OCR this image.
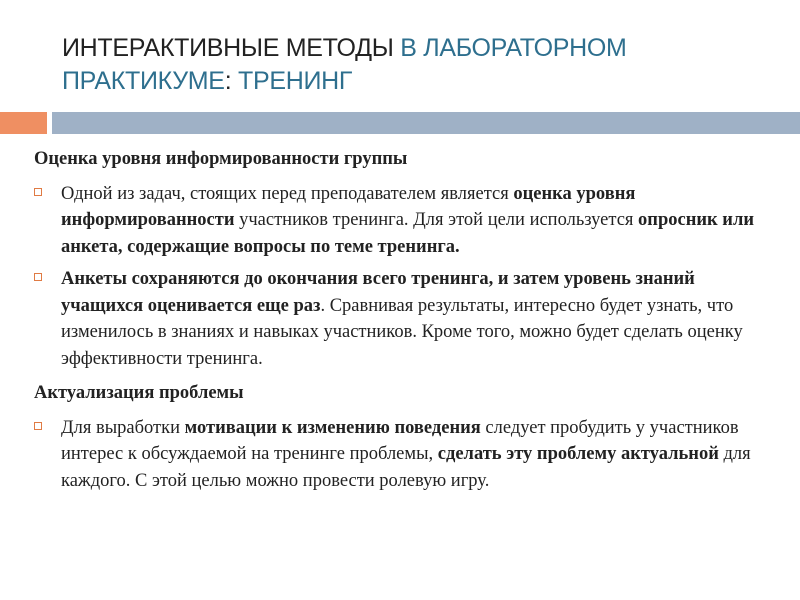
ИНТЕРАКТИВНЫЕ МЕТОДЫ В ЛАБОРАТОРНОМ
ПРАКТИКУМЕ: ТРЕНИНГ
Оценка уровня информированности группы
Одной из задач, стоящих перед преподавателем является оценка уровня информированности участников тренинга. Для этой цели используется опросник или анкета, содержащие вопросы по теме тренинга.
Анкеты сохраняются до окончания всего тренинга, и затем уровень знаний учащихся оценивается еще раз. Сравнивая результаты, интересно будет узнать, что изменилось в знаниях и навыках участников. Кроме того, можно будет сделать оценку эффективности тренинга.
Актуализация проблемы
Для выработки мотивации к изменению поведения следует пробудить у участников интерес к обсуждаемой на тренинге проблемы, сделать эту проблему актуальной для каждого. С этой целью можно провести ролевую игру.
